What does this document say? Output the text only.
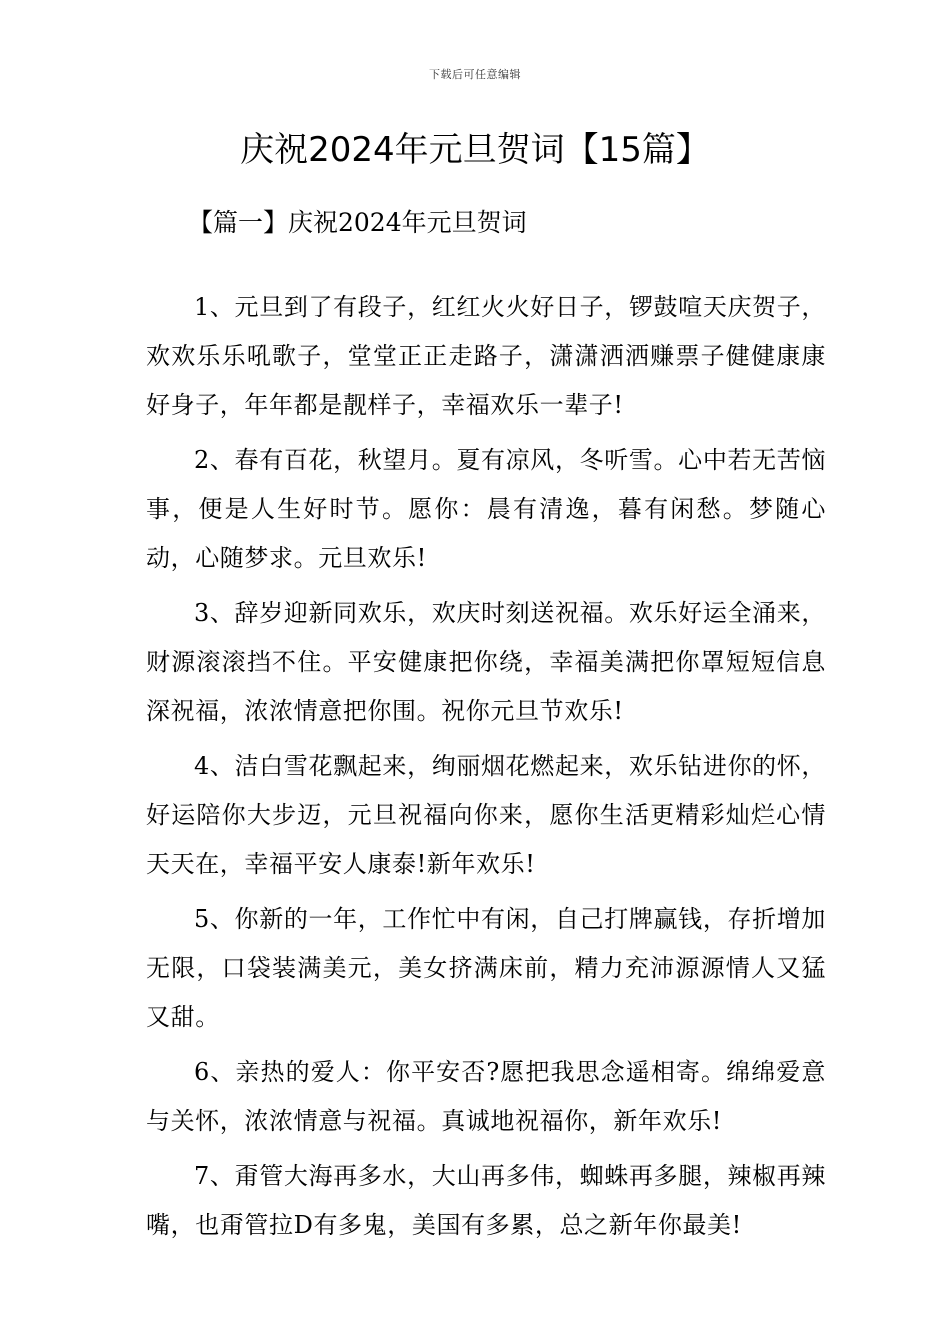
下载后可任意编辑
庆祝2024年元旦贺词【15篇】
【篇一】庆祝2024年元旦贺词

1、元旦到了有段子，红红火火好日子，锣鼓喧天庆贺子，欢欢乐乐吼歌子，堂堂正正走路子，潇潇洒洒赚票子健健康康好身子，年年都是靓样子，幸福欢乐一辈子!

2、春有百花，秋望月。夏有凉风，冬听雪。心中若无苦恼事，便是人生好时节。愿你：晨有清逸，暮有闲愁。梦随心动，心随梦求。元旦欢乐!

3、辞岁迎新同欢乐，欢庆时刻送祝福。欢乐好运全涌来，财源滚滚挡不住。平安健康把你绕，幸福美满把你罩短短信息深祝福，浓浓情意把你围。祝你元旦节欢乐!

4、洁白雪花飘起来，绚丽烟花燃起来，欢乐钻进你的怀，好运陪你大步迈，元旦祝福向你来，愿你生活更精彩灿烂心情天天在，幸福平安人康泰!新年欢乐!

5、你新的一年，工作忙中有闲，自己打牌赢钱，存折增加无限，口袋装满美元，美女挤满床前，精力充沛源源情人又猛又甜。

6、亲热的爱人：你平安否?愿把我思念遥相寄。绵绵爱意与关怀，浓浓情意与祝福。真诚地祝福你，新年欢乐!

7、甭管大海再多水，大山再多伟，蜘蛛再多腿，辣椒再辣嘴，也甭管拉D有多鬼，美国有多累，总之新年你最美!
